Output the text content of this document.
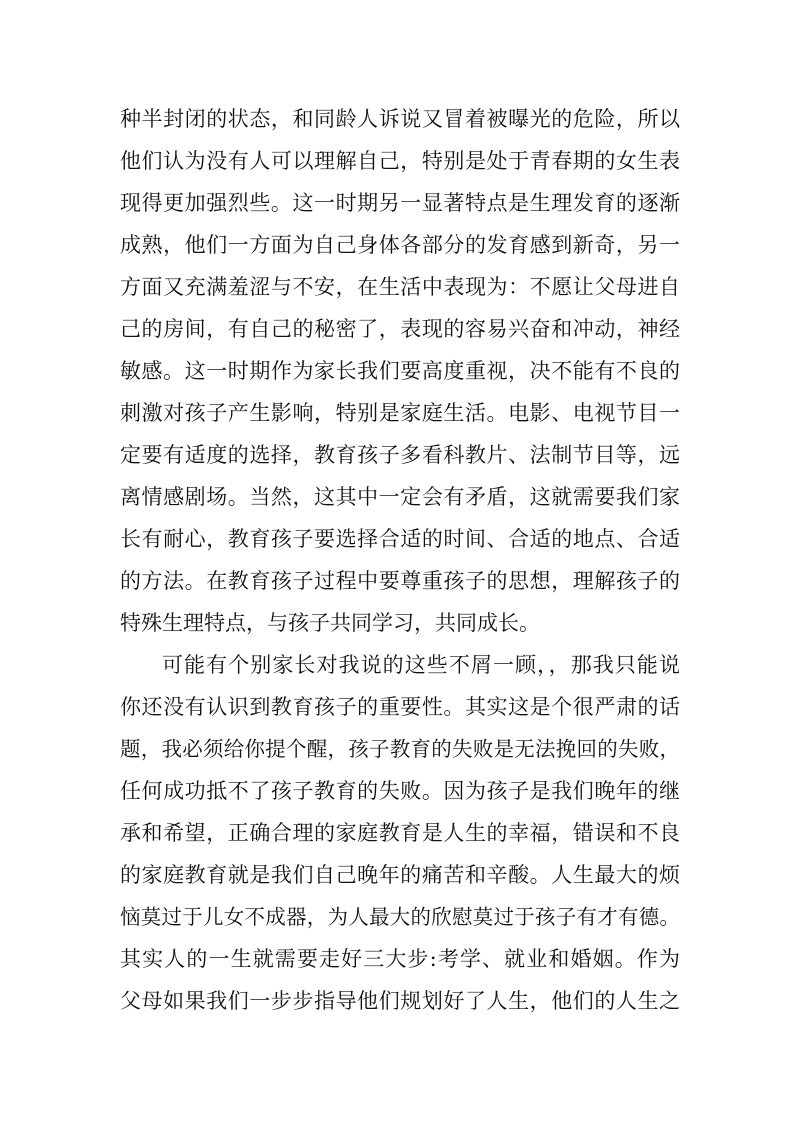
种半封闭的状态，和同龄人诉说又冒着被曝光的危险，所以
他们认为没有人可以理解自己，特别是处于青春期的女生表
现得更加强烈些。这一时期另一显著特点是生理发育的逐渐
成熟，他们一方面为自己身体各部分的发育感到新奇，另一
方面又充满羞涩与不安，在生活中表现为：不愿让父母进自
己的房间，有自己的秘密了，表现的容易兴奋和冲动，神经
敏感。这一时期作为家长我们要高度重视，决不能有不良的
刺激对孩子产生影响，特别是家庭生活。电影、电视节目一
定要有适度的选择，教育孩子多看科教片、法制节目等，远
离情感剧场。当然，这其中一定会有矛盾，这就需要我们家
长有耐心，教育孩子要选择合适的时间、合适的地点、合适
的方法。在教育孩子过程中要尊重孩子的思想，理解孩子的
特殊生理特点，与孩子共同学习，共同成长。
可能有个别家长对我说的这些不屑一顾，，那我只能说
你还没有认识到教育孩子的重要性。其实这是个很严肃的话
题，我必须给你提个醒，孩子教育的失败是无法挽回的失败，
任何成功抵不了孩子教育的失败。因为孩子是我们晚年的继
承和希望，正确合理的家庭教育是人生的幸福，错误和不良
的家庭教育就是我们自己晚年的痛苦和辛酸。人生最大的烦
恼莫过于儿女不成器，为人最大的欣慰莫过于孩子有才有德。
其实人的一生就需要走好三大步:考学、就业和婚姻。作为
父母如果我们一步步指导他们规划好了人生，他们的人生之
